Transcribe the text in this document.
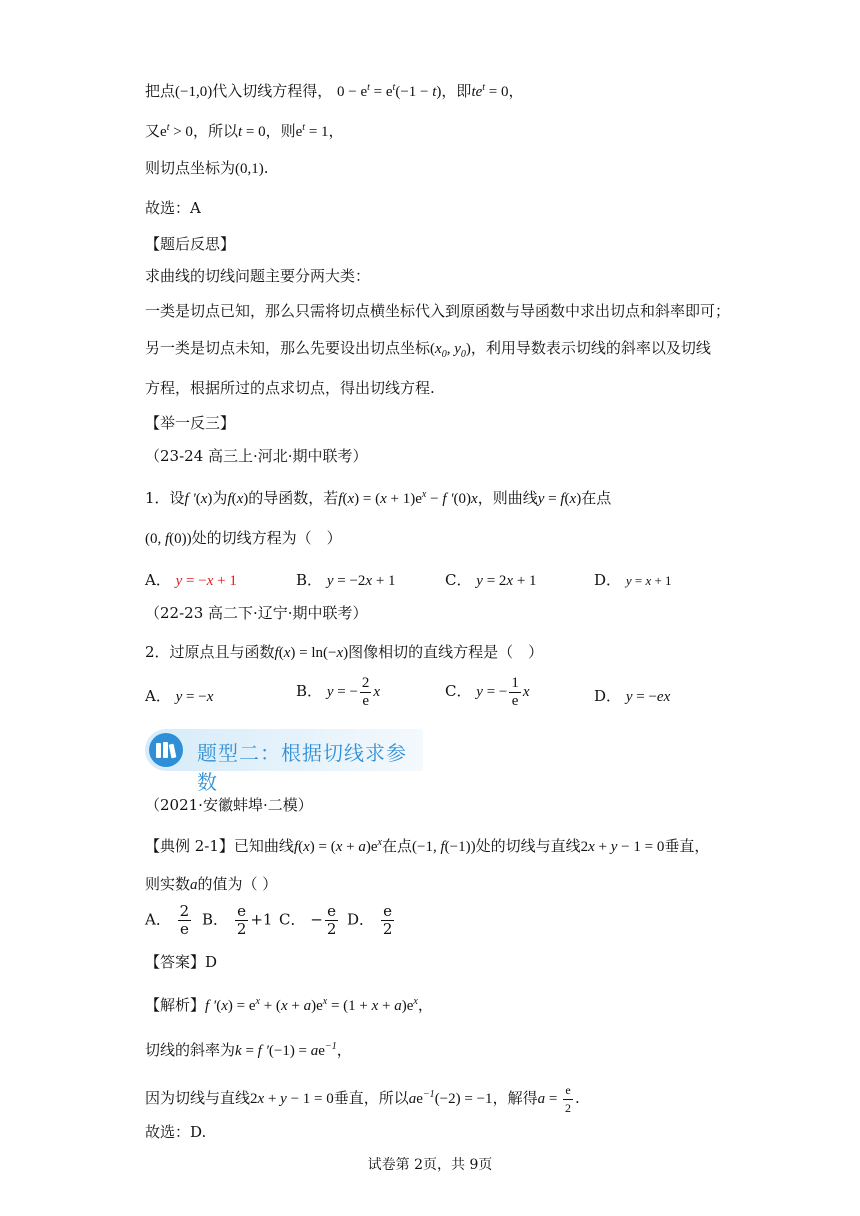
把点(−1,0)代入切线方程得， $0 - e^t = e^t(-1 - t)$，即$te^t = 0$，
又$e^t > 0$，所以t = 0，则$e^t = 1$，
则切点坐标为(0,1).
故选：A
【题后反思】
求曲线的切线问题主要分两大类：
一类是切点已知，那么只需将切点横坐标代入到原函数与导函数中求出切点和斜率即可；
另一类是切点未知，那么先要设出切点坐标($x_0$, $y_0$)，利用导数表示切线的斜率以及切线
方程，根据所过的点求切点，得出切线方程.
【举一反三】
（23-24 高三上·河北·期中联考）
1．设f ′(x)为f(x)的导函数，若$f(x) = (x + 1)e^x - f$ ′(0)x，则曲线y = f(x)在点
(0, f(0))处的切线方程为（　）
A． y = −x + 1	B． y = −2x + 1	C． y = 2x + 1	D． y = x + 1
（22-23 高二下·辽宁·期中联考）
2．过原点且与函数f(x) = ln(−x)图像相切的直线方程是（　）
A． y = −x	B． y = − $\frac{2}{e}$ x	C． y = − $\frac{1}{e}$ x	D． y = −ex
题型二：根据切线求参数
（2021·安徽蚌埠·二模）
【典例 2-1】已知曲线$f(x) = (x + a)e^x$在点(−1, f(−1))处的切线与直线2x + y − 1 = 0垂直，
则实数a的值为（ ）
A． $\frac{2}{e}$ B． $\frac{e}{2} +1$ C． − $\frac{e}{2}$ D． $\frac{e}{2}$
【答案】D
【解析】f $'(x) = e^x + (x + a)e^x = (1 + x + a)e^x$，
切线的斜率为k = f $'(-1) = ae^{-1}$，
因为切线与直线2x + y − 1 = 0垂直，所以$ae^{-1}(-2) = -1$，解得$a = \frac{e}{2}$ .
故选：D.
试卷第 2页，共 9页
